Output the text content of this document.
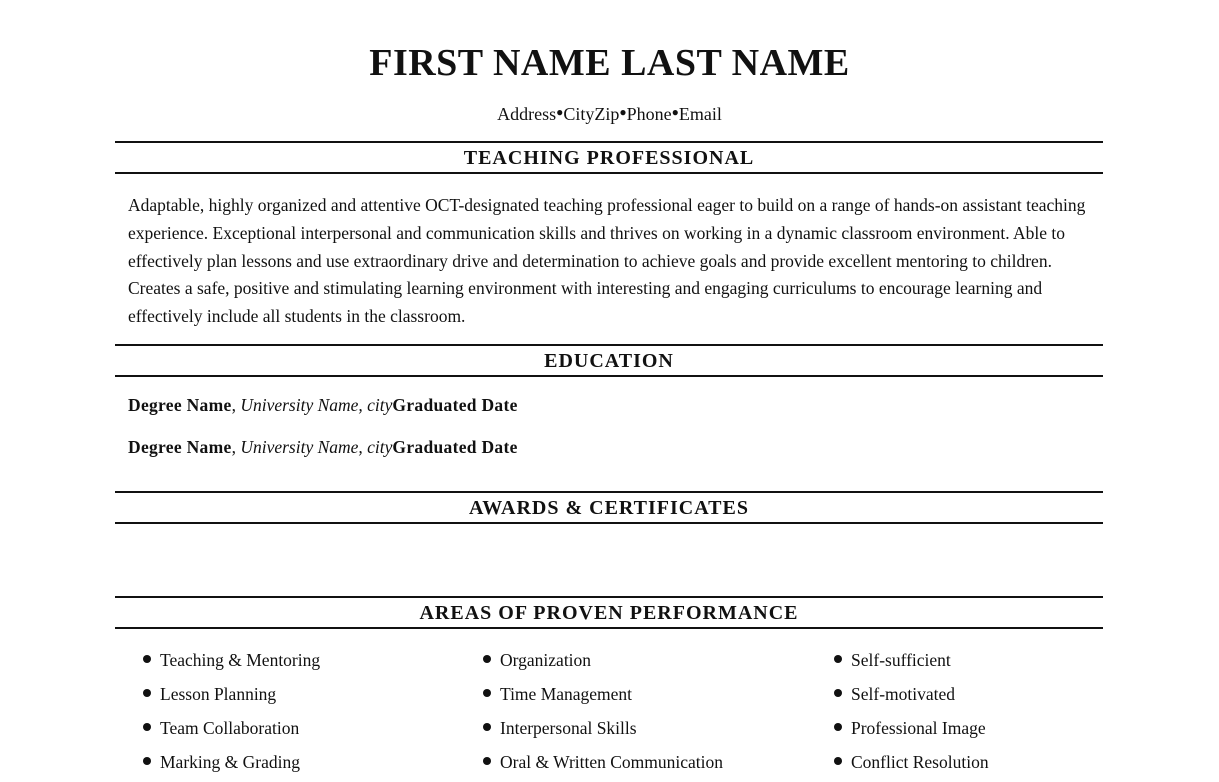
FIRST NAME LAST NAME
Address●CityZip●Phone●Email
TEACHING PROFESSIONAL
Adaptable, highly organized and attentive OCT-designated teaching professional eager to build on a range of hands-on assistant teaching experience. Exceptional interpersonal and communication skills and thrives on working in a dynamic classroom environment. Able to effectively plan lessons and use extraordinary drive and determination to achieve goals and provide excellent mentoring to children. Creates a safe, positive and stimulating learning environment with interesting and engaging curriculums to encourage learning and effectively include all students in the classroom.
EDUCATION
Degree Name, University Name, cityGraduated Date
Degree Name, University Name, cityGraduated Date
AWARDS & CERTIFICATES
AREAS OF PROVEN PERFORMANCE
Teaching & Mentoring
Lesson Planning
Team Collaboration
Marking & Grading
Organization
Time Management
Interpersonal Skills
Oral & Written Communication
Self-sufficient
Self-motivated
Professional Image
Conflict Resolution
